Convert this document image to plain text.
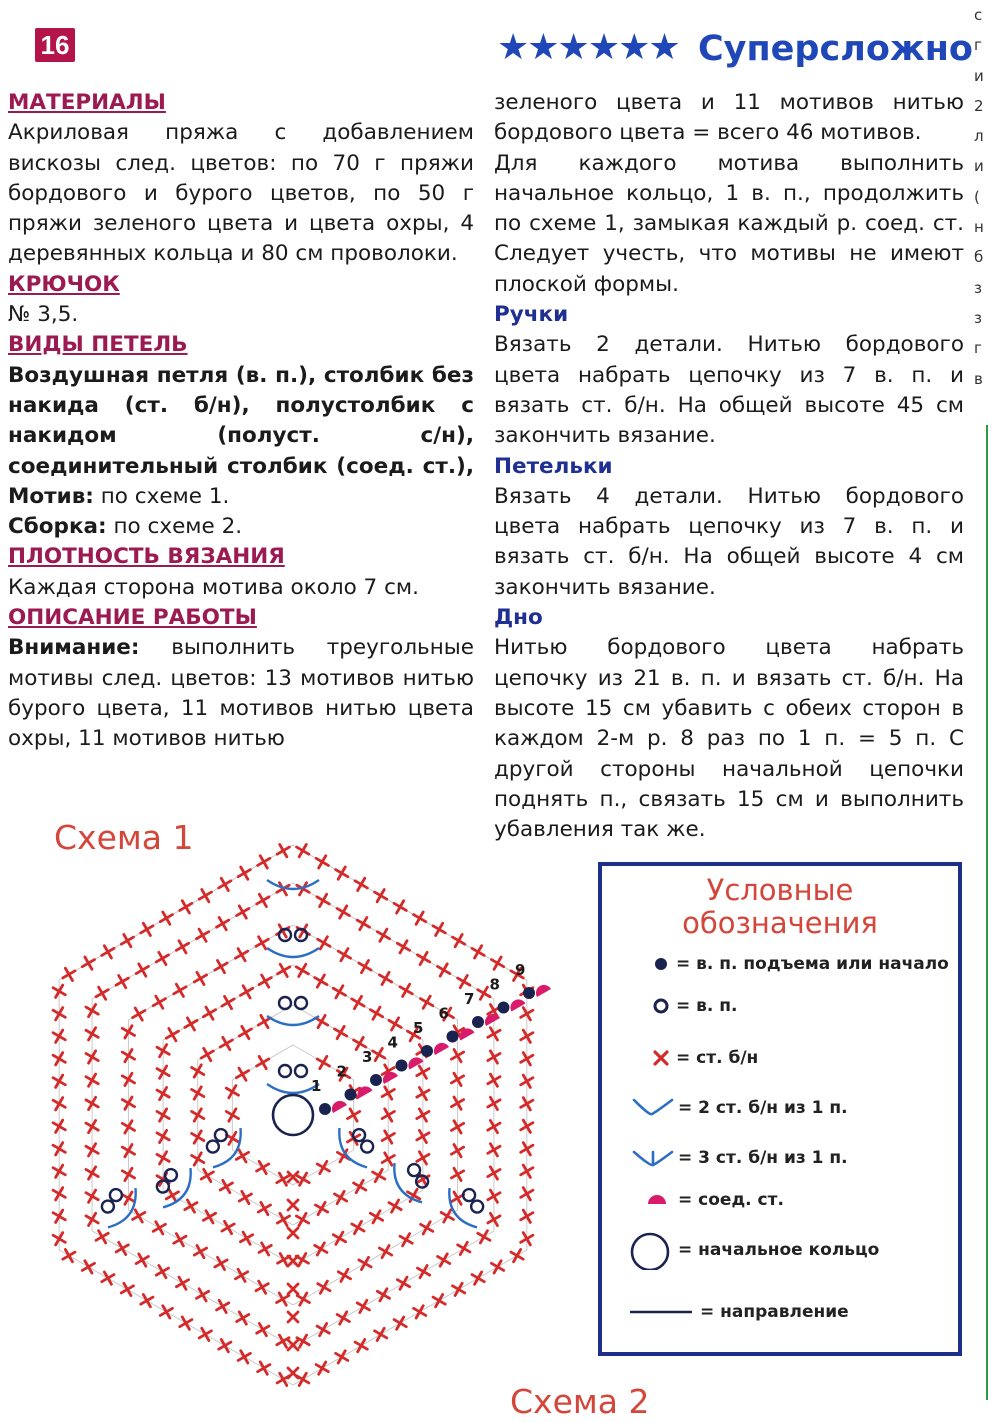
16	★★★★★★ Суперсложно

МАТЕРИАЛЫ

Акриловая пряжа с добавлением вискозы след. цветов: по 70 г пряжи бордового и бурого цветов, по 50 г пряжи зеленого цвета и цвета охры, 4 деревянных кольца и 80 см проволоки.

КРЮЧОК

№ 3,5.

ВИДЫ ПЕТЕЛЬ

Воздушная петля (в. п.), столбик без накида (ст. б/н), полустолбик с накидом (полуст. с/н), соединительный столбик (соед. ст.), Мотив: по схеме 1.

Сборка: по схеме 2.

ПЛОТНОСТЬ ВЯЗАНИЯ

Каждая сторона мотива около 7 см.

ОПИСАНИЕ РАБОТЫ

Внимание: выполнить треугольные мотивы след. цветов: 13 мотивов нитью бурого цвета, 11 мотивов нитью цвета охры, 11 мотивов нитью

зеленого цвета и 11 мотивов нитью бордового цвета = всего 46 мотивов.

Для каждого мотива выполнить начальное кольцо, 1 в. п., продолжить по схеме 1, замыкая каждый р. соед. ст. Следует учесть, что мотивы не имеют плоской формы.

Ручки

Вязать 2 детали. Нитью бордового цвета набрать цепочку из 7 в. п. и вязать ст. б/н. На общей высоте 45 см закончить вязание.

Петельки

Вязать 4 детали. Нитью бордового цвета набрать цепочку из 7 в. п. и вязать ст. б/н. На общей высоте 4 см закончить вязание.

Дно

Нитью бордового цвета набрать цепочку из 21 в. п. и вязать ст. б/н. На высоте 15 см убавить с обеих сторон в каждом 2-м р. 8 раз по 1 п. = 5 п. С другой стороны начальной цепочки поднять п., связать 15 см и выполнить убавления так же.

с
г
и
2
л
и
(
н
б
з
з
г
в
Схема 1
1
2
3
4
5
6
7
8
9
Схема 2
Условные
обозначения
= в. п. подъема или начало
= в. п.
= ст. б/н
= 2 ст. б/н из 1 п.
= 3 ст. б/н из 1 п.
= соед. ст.
= начальное кольцо
= направление
